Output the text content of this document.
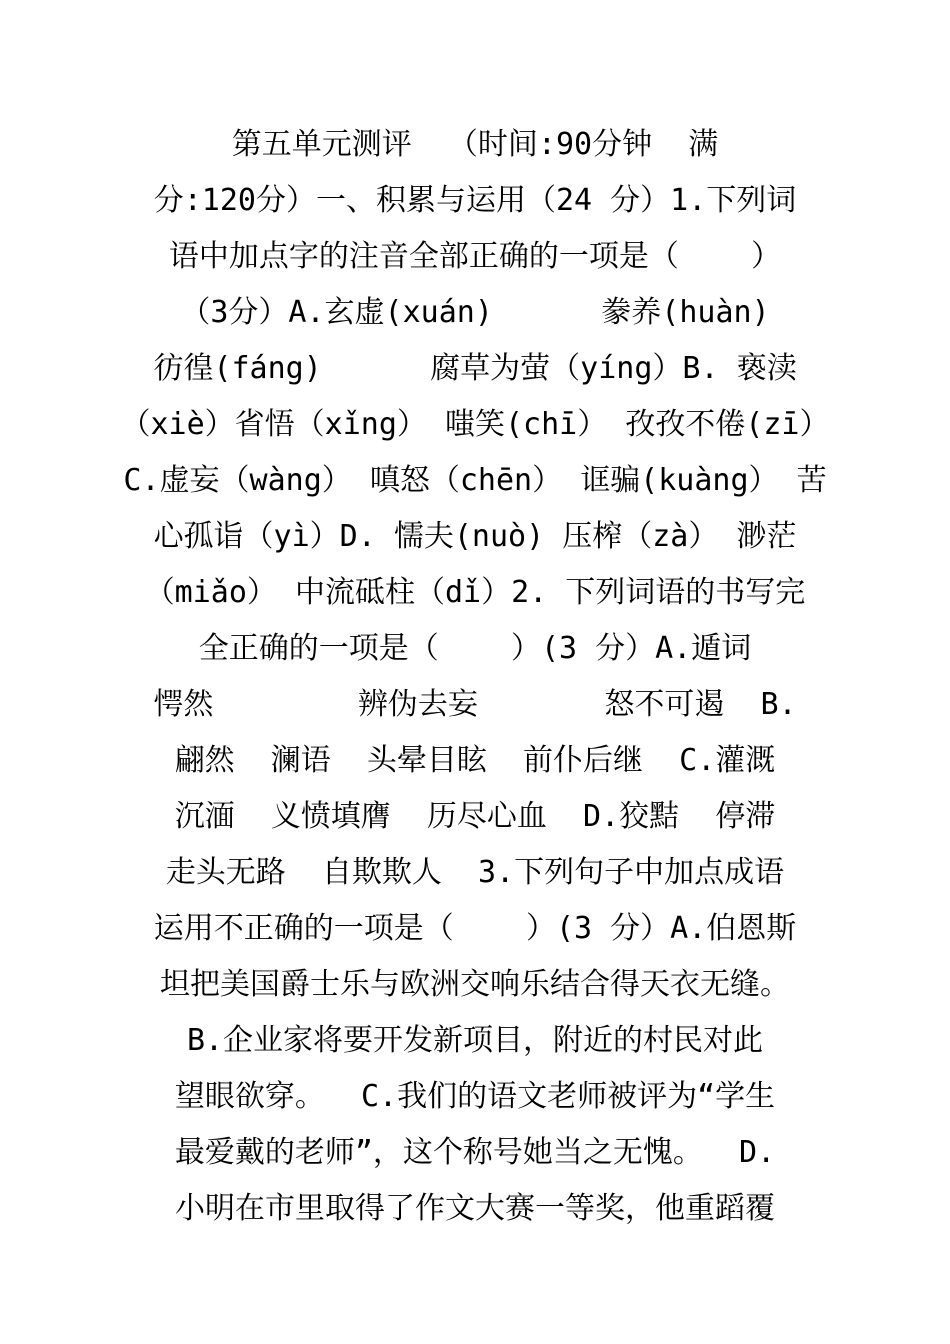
第五单元测评  （时间:90分钟  满
分:120分）一、积累与运用（24 分）1.下列词
语中加点字的注音全部正确的一项是（    ）
（3分）A.玄虚(xuán)      豢养(huàn)
彷徨(fáng)      腐草为萤（yíng）B. 亵渎
（xiè）省悟（xǐng） 嗤笑(chī） 孜孜不倦(zī）
C.虚妄（wàng） 嗔怒（chēn） 诓骗(kuàng） 苦
心孤诣（yì）D. 懦夫(nuò) 压榨（zà） 渺茫
（miǎo） 中流砥柱（dǐ）2. 下列词语的书写完
全正确的一项是（    ）(3 分）A.遁词
愕然        辨伪去妄       怒不可遏  B.
翩然  澜语  头晕目眩  前仆后继  C.灌溉
沉湎  义愤填膺  历尽心血  D.狡黠  停滞
走头无路  自欺欺人  3.下列句子中加点成语
运用不正确的一项是（    ）(3 分）A.伯恩斯
坦把美国爵士乐与欧洲交响乐结合得天衣无缝。
B.企业家将要开发新项目，附近的村民对此
望眼欲穿。  C.我们的语文老师被评为“学生
最爱戴的老师”，这个称号她当之无愧。  D.
小明在市里取得了作文大赛一等奖，他重蹈覆
